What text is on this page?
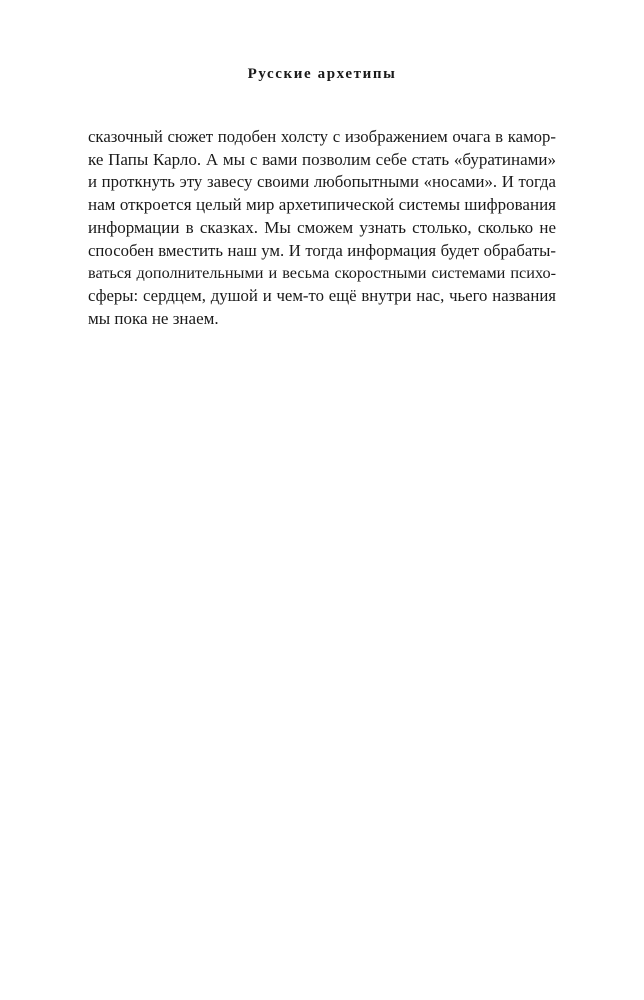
Русские архетипы
сказочный сюжет подобен холсту с изображением очага в камор-
ке Папы Карло. А мы с вами позволим себе стать «буратинами»
и проткнуть эту завесу своими любопытными «носами». И тогда
нам откроется целый мир архетипической системы шифрования
информации в сказках. Мы сможем узнать столько, сколько не
способен вместить наш ум. И тогда информация будет обрабаты-
ваться дополнительными и весьма скоростными системами психо-
сферы: сердцем, душой и чем-то ещё внутри нас, чьего названия
мы пока не знаем.
